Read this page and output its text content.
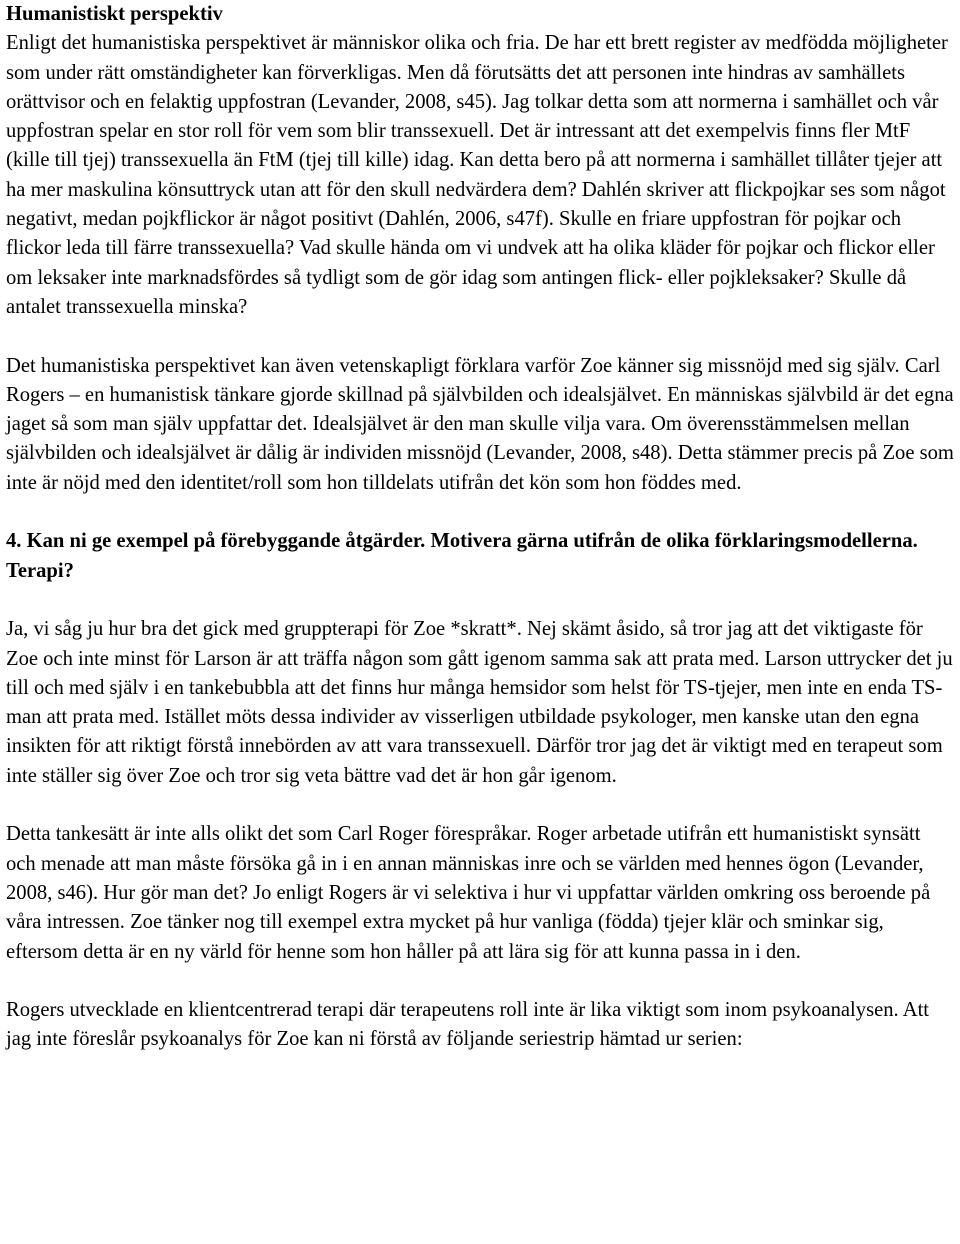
Humanistiskt perspektiv

Enligt det humanistiska perspektivet är människor olika och fria. De har ett brett register av medfödda möjligheter som under rätt omständigheter kan förverkligas. Men då förutsätts det att personen inte hindras av samhällets orättvisor och en felaktig uppfostran (Levander, 2008, s45). Jag tolkar detta som att normerna i samhället och vår uppfostran spelar en stor roll för vem som blir transsexuell. Det är intressant att det exempelvis finns fler MtF (kille till tjej) transsexuella än FtM (tjej till kille) idag. Kan detta bero på att normerna i samhället tillåter tjejer att ha mer maskulina könsuttryck utan att för den skull nedvärdera dem? Dahlén skriver att flickpojkar ses som något negativt, medan pojkflickor är något positivt (Dahlén, 2006, s47f). Skulle en friare uppfostran för pojkar och flickor leda till färre transsexuella? Vad skulle hända om vi undvek att ha olika kläder för pojkar och flickor eller om leksaker inte marknadsfördes så tydligt som de gör idag som antingen flick- eller pojkleksaker? Skulle då antalet transsexuella minska?

Det humanistiska perspektivet kan även vetenskapligt förklara varför Zoe känner sig missnöjd med sig själv. Carl Rogers – en humanistisk tänkare gjorde skillnad på självbilden och idealsjälvet. En människas självbild är det egna jaget så som man själv uppfattar det. Idealsjälvet är den man skulle vilja vara. Om överensstämmelsen mellan självbilden och idealsjälvet är dålig är individen missnöjd (Levander, 2008, s48). Detta stämmer precis på Zoe som inte är nöjd med den identitet/roll som hon tilldelats utifrån det kön som hon föddes med.

4. Kan ni ge exempel på förebyggande åtgärder. Motivera gärna utifrån de olika förklaringsmodellerna. Terapi?

Ja, vi såg ju hur bra det gick med gruppterapi för Zoe *skratt*. Nej skämt åsido, så tror jag att det viktigaste för Zoe och inte minst för Larson är att träffa någon som gått igenom samma sak att prata med. Larson uttrycker det ju till och med själv i en tankebubbla att det finns hur många hemsidor som helst för TS-tjejer, men inte en enda TS-man att prata med. Istället möts dessa individer av visserligen utbildade psykologer, men kanske utan den egna insikten för att riktigt förstå innebörden av att vara transsexuell. Därför tror jag det är viktigt med en terapeut som inte ställer sig över Zoe och tror sig veta bättre vad det är hon går igenom.

Detta tankesätt är inte alls olikt det som Carl Roger förespråkar. Roger arbetade utifrån ett humanistiskt synsätt och menade att man måste försöka gå in i en annan människas inre och se världen med hennes ögon (Levander, 2008, s46). Hur gör man det? Jo enligt Rogers är vi selektiva i hur vi uppfattar världen omkring oss beroende på våra intressen. Zoe tänker nog till exempel extra mycket på hur vanliga (födda) tjejer klär och sminkar sig, eftersom detta är en ny värld för henne som hon håller på att lära sig för att kunna passa in i den.

Rogers utvecklade en klientcentrerad terapi där terapeutens roll inte är lika viktigt som inom psykoanalysen. Att jag inte föreslår psykoanalys för Zoe kan ni förstå av följande seriestrip hämtad ur serien:
